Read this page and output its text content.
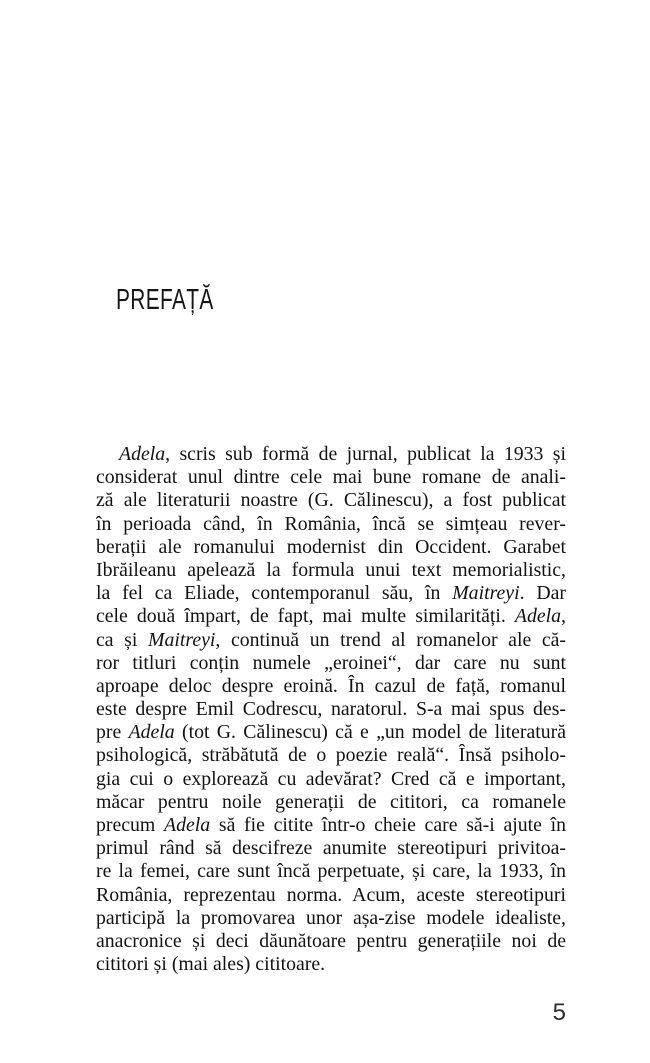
PREFAȚĂ
Adela, scris sub formă de jurnal, publicat la 1933 și
considerat unul dintre cele mai bune romane de anali-
ză ale literaturii noastre (G. Călinescu), a fost publicat
în perioada când, în România, încă se simțeau rever-
berații ale romanului modernist din Occident. Garabet
Ibrăileanu apelează la formula unui text memorialistic,
la fel ca Eliade, contemporanul său, în Maitreyi. Dar
cele două împart, de fapt, mai multe similarități. Adela,
ca și Maitreyi, continuă un trend al romanelor ale că-
ror titluri conțin numele „eroinei“, dar care nu sunt
aproape deloc despre eroină. În cazul de față, romanul
este despre Emil Codrescu, naratorul. S-a mai spus des-
pre Adela (tot G. Călinescu) că e „un model de literatură
psihologică, străbătută de o poezie reală“. Însă psiholo-
gia cui o explorează cu adevărat? Cred că e important,
măcar pentru noile generații de cititori, ca romanele
precum Adela să fie citite într-o cheie care să-i ajute în
primul rând să descifreze anumite stereotipuri privitoa-
re la femei, care sunt încă perpetuate, și care, la 1933, în
România, reprezentau norma. Acum, aceste stereotipuri
participă la promovarea unor așa-zise modele idealiste,
anacronice și deci dăunătoare pentru generațiile noi de
cititori și (mai ales) cititoare.
5
